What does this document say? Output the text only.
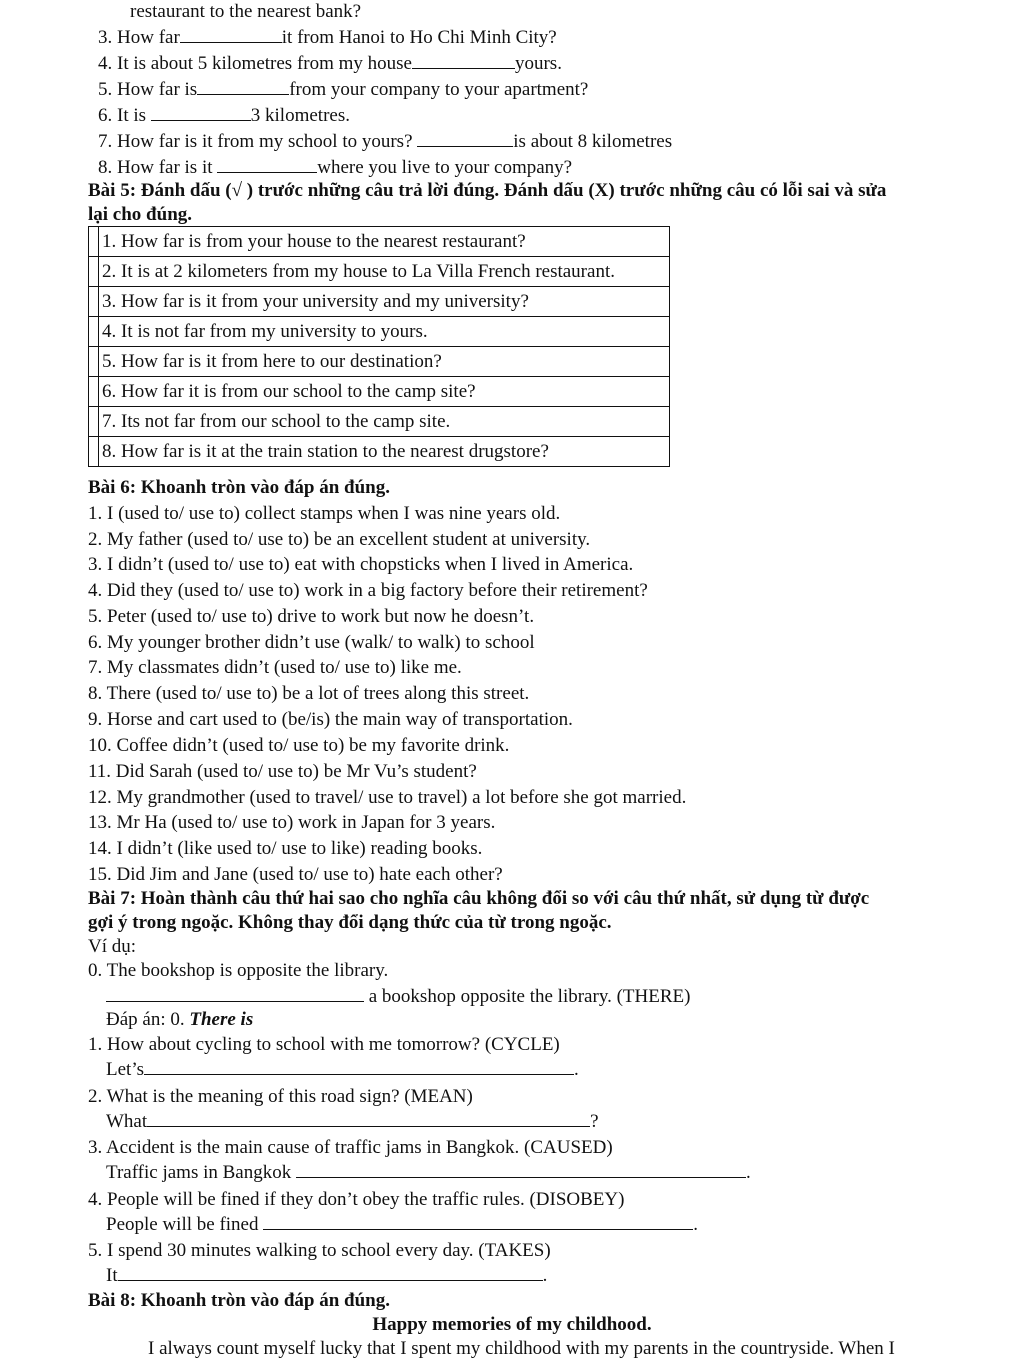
restaurant to the nearest bank?
3. How far	it from Hanoi to Ho Chi Minh City?
4. It is about 5 kilometres from my house	yours.
5. How far is	from your company to your apartment?
6. It is	3 kilometres.
7. How far is it from my school to yours?	is about 8 kilometres
8. How far is it	where you live to your company?
Bài 5: Đánh dấu (√ ) trước những câu trả lời đúng. Đánh dấu (X) trước những câu có lỗi sai và sửa
lại cho đúng.
	1. How far is from your house to the nearest restaurant?
	2. It is at 2 kilometers from my house to La Villa French restaurant.
	3. How far is it from your university and my university?
	4. It is not far from my university to yours.
	5. How far is it from here to our destination?
	6. How far it is from our school to the camp site?
	7. Its not far from our school to the camp site.
	8. How far is it at the train station to the nearest drugstore?
Bài 6: Khoanh tròn vào đáp án đúng.
1. I (used to/ use to) collect stamps when I was nine years old.
2. My father (used to/ use to) be an excellent student at university.
3. I didn’t (used to/ use to) eat with chopsticks when I lived in America.
4. Did they (used to/ use to) work in a big factory before their retirement?
5. Peter (used to/ use to) drive to work but now he doesn’t.
6. My younger brother didn’t use (walk/ to walk) to school
7. My classmates didn’t (used to/ use to) like me.
8. There (used to/ use to) be a lot of trees along this street.
9. Horse and cart used to (be/is) the main way of transportation.
10. Coffee didn’t (used to/ use to) be my favorite drink.
11. Did Sarah (used to/ use to) be Mr Vu’s student?
12. My grandmother (used to travel/ use to travel) a lot before she got married.
13. Mr Ha (used to/ use to) work in Japan for 3 years.
14. I didn’t (like used to/ use to like) reading books.
15. Did Jim and Jane (used to/ use to) hate each other?
Bài 7: Hoàn thành câu thứ hai sao cho nghĩa câu không đổi so với câu thứ nhất, sử dụng từ được
gợi ý trong ngoặc. Không thay đổi dạng thức của từ trong ngoặc.
Ví dụ:
0. The bookshop is opposite the library.
a bookshop opposite the library. (THERE)
Đáp án: 0. There is
1. How about cycling to school with me tomorrow? (CYCLE)
Let’s	.
2. What is the meaning of this road sign? (MEAN)
What	?
3. Accident is the main cause of traffic jams in Bangkok. (CAUSED)
Traffic jams in Bangkok	.
4. People will be fined if they don’t obey the traffic rules. (DISOBEY)
People will be fined	.
5. I spend 30 minutes walking to school every day. (TAKES)
It	.
Bài 8: Khoanh tròn vào đáp án đúng.
Happy memories of my childhood.
I always count myself lucky that I spent my childhood with my parents in the countryside. When I
